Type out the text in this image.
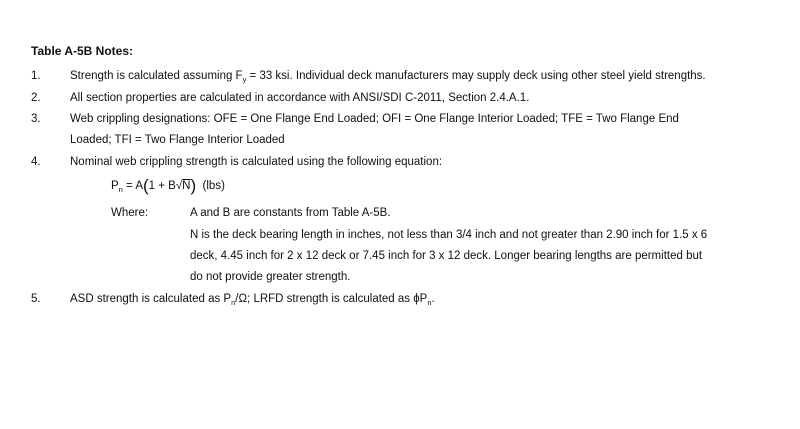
Table A-5B Notes:
1.	Strength is calculated assuming $F_y = 33$ ksi. Individual deck manufacturers may supply deck using other steel yield strengths.
2.	All section properties are calculated in accordance with ANSI/SDI C-2011, Section 2.4.A.1.
3.	Web crippling designations: OFE = One Flange End Loaded; OFI = One Flange Interior Loaded; TFE = Two Flange End
Loaded; TFI = Two Flange Interior Loaded
4.	Nominal web crippling strength is calculated using the following equation:
$P_n = A(1 + B√N)$  (lbs)
Where:	A and B are constants from Table A-5B.
N is the deck bearing length in inches, not less than 3/4 inch and not greater than 2.90 inch for 1.5 x 6
deck, 4.45 inch for 2 x 12 deck or 7.45 inch for 3 x 12 deck. Longer bearing lengths are permitted but
do not provide greater strength.
5.	ASD strength is calculated as $P_n/\Omega$; LRFD strength is calculated as $\phi P_n$.
